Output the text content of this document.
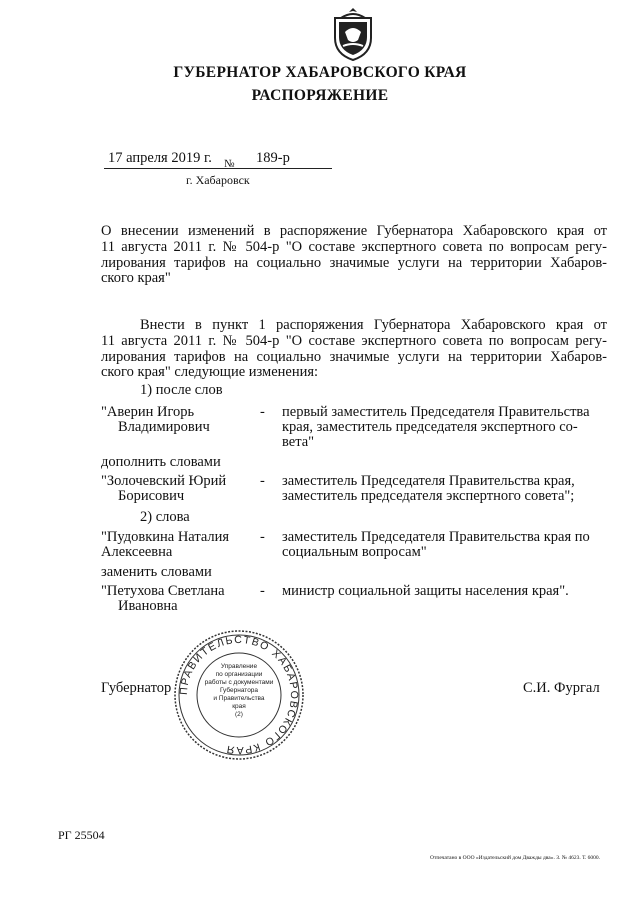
ГУБЕРНАТОР ХАБАРОВСКОГО КРАЯ
РАСПОРЯЖЕНИЕ
17 апреля 2019 г. № 189-р
г. Хабаровск
О внесении изменений в распоряжение Губернатора Хабаровского края от
11 августа 2011 г. № 504-р "О составе экспертного совета по вопросам регу-
лирования тарифов на социально значимые услуги на территории Хабаров-
ского края"
Внести в пункт 1 распоряжения Губернатора Хабаровского края от
11 августа 2011 г. № 504-р "О составе экспертного совета по вопросам регу-
лирования тарифов на социально значимые услуги на территории Хабаров-
ского края" следующие изменения:
1) после слов
"Аверин Игорь
Владимирович
- первый заместитель Председателя Правительства
края, заместитель председателя экспертного со-
вета"
дополнить словами
"Золочевский Юрий
Борисович
- заместитель Председателя Правительства края,
заместитель председателя экспертного совета";
2) слова
"Пудовкина Наталия
Алексеевна
- заместитель Председателя Правительства края по
социальным вопросам"
заменить словами
"Петухова Светлана
Ивановна
- министр социальной защиты населения края".
Губернатор	С.И. Фургал
ПРАВИТЕЛЬСТВО ХАБАРОВСКОГО КРАЯ
Управление
по организации
работы с документами
Губернатора
и Правительства
края
(2)
РГ 25504
Отпечатано в ООО «Издательский дом Дважды два». З. № 4623. Т. 6000.
